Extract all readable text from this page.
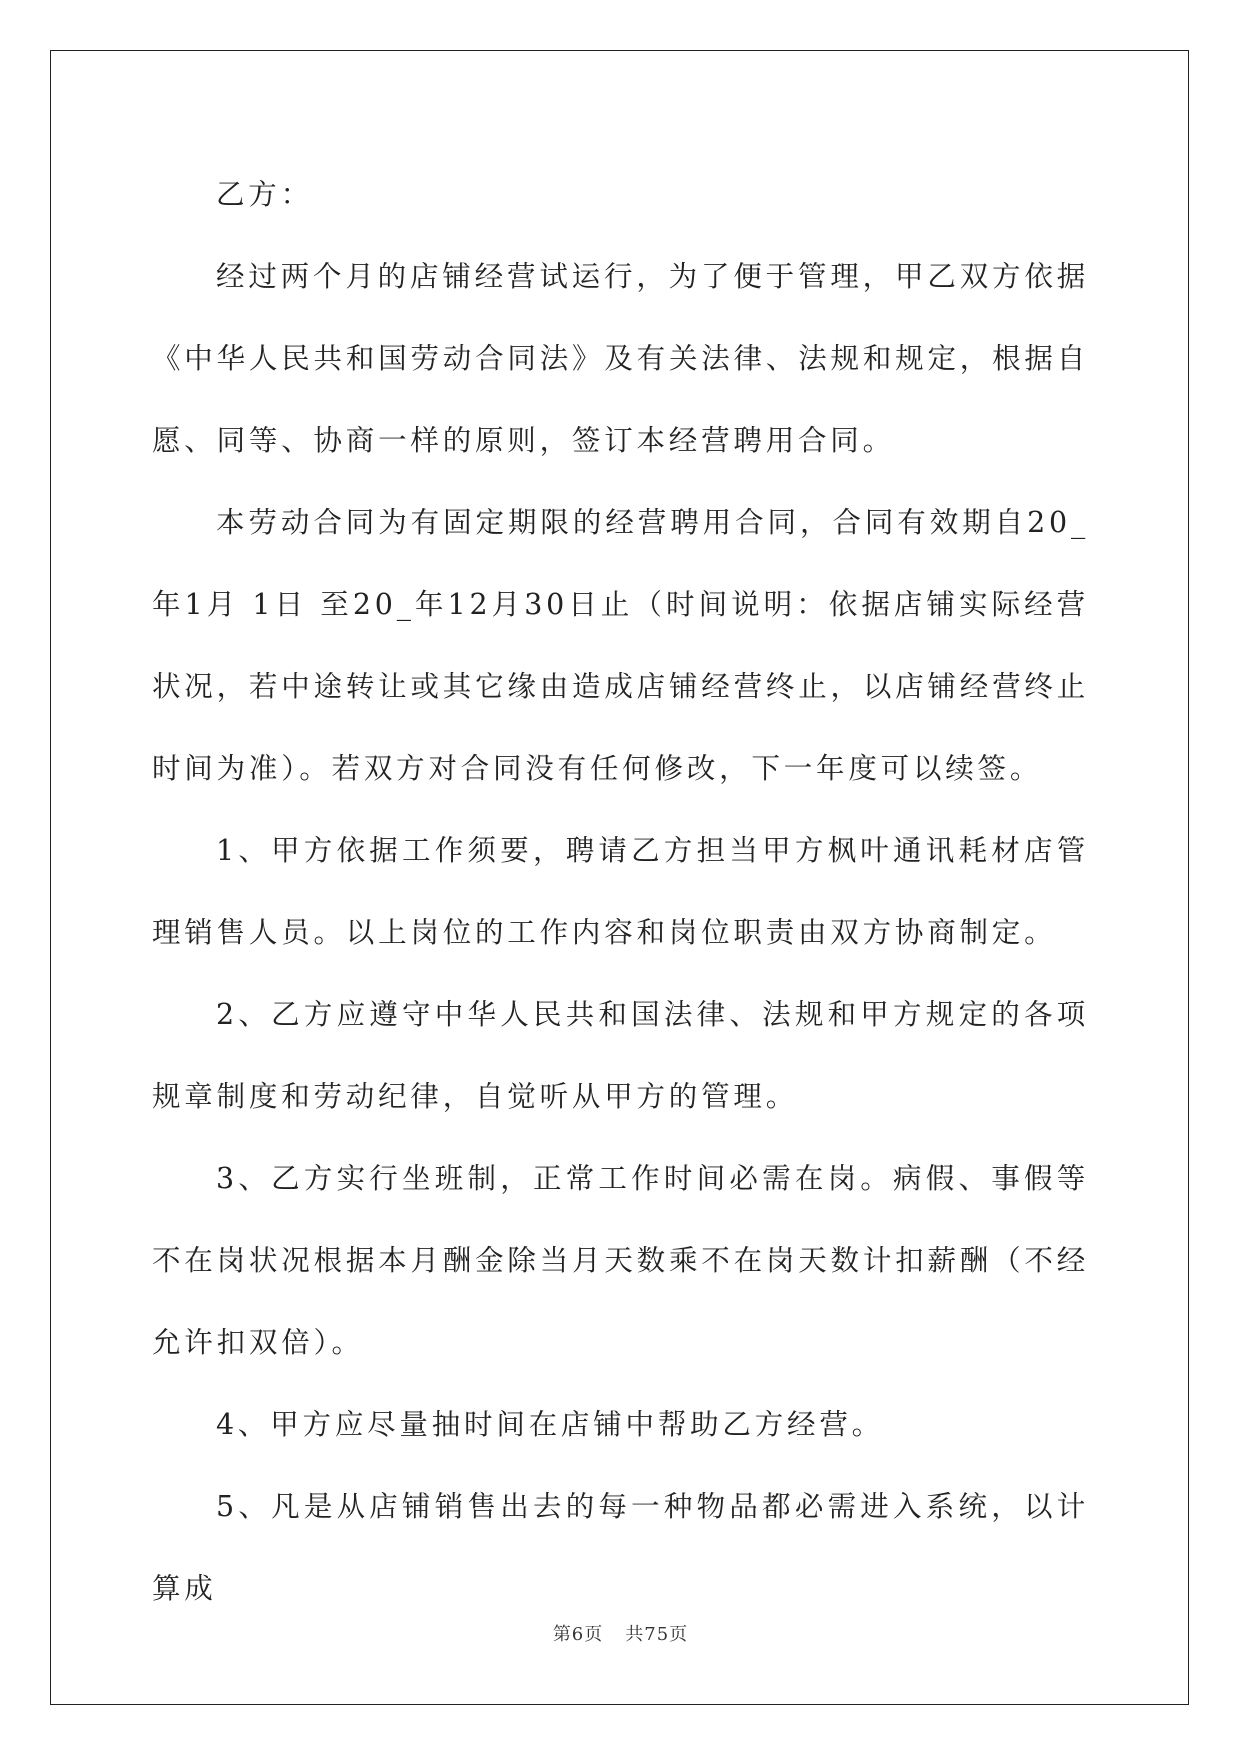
乙方：

经过两个月的店铺经营试运行，为了便于管理，甲乙双方依据《中华人民共和国劳动合同法》及有关法律、法规和规定，根据自愿、同等、协商一样的原则，签订本经营聘用合同。

本劳动合同为有固定期限的经营聘用合同，合同有效期自20_年1月 1日 至20_年12月30日止（时间说明：依据店铺实际经营状况，若中途转让或其它缘由造成店铺经营终止，以店铺经营终止时间为准）。若双方对合同没有任何修改，下一年度可以续签。

1、甲方依据工作须要，聘请乙方担当甲方枫叶通讯耗材店管理销售人员。以上岗位的工作内容和岗位职责由双方协商制定。

2、乙方应遵守中华人民共和国法律、法规和甲方规定的各项规章制度和劳动纪律，自觉听从甲方的管理。

3、乙方实行坐班制，正常工作时间必需在岗。病假、事假等不在岗状况根据本月酬金除当月天数乘不在岗天数计扣薪酬（不经允许扣双倍）。

4、甲方应尽量抽时间在店铺中帮助乙方经营。

5、凡是从店铺销售出去的每一种物品都必需进入系统，以计算成

第6页 共75页
